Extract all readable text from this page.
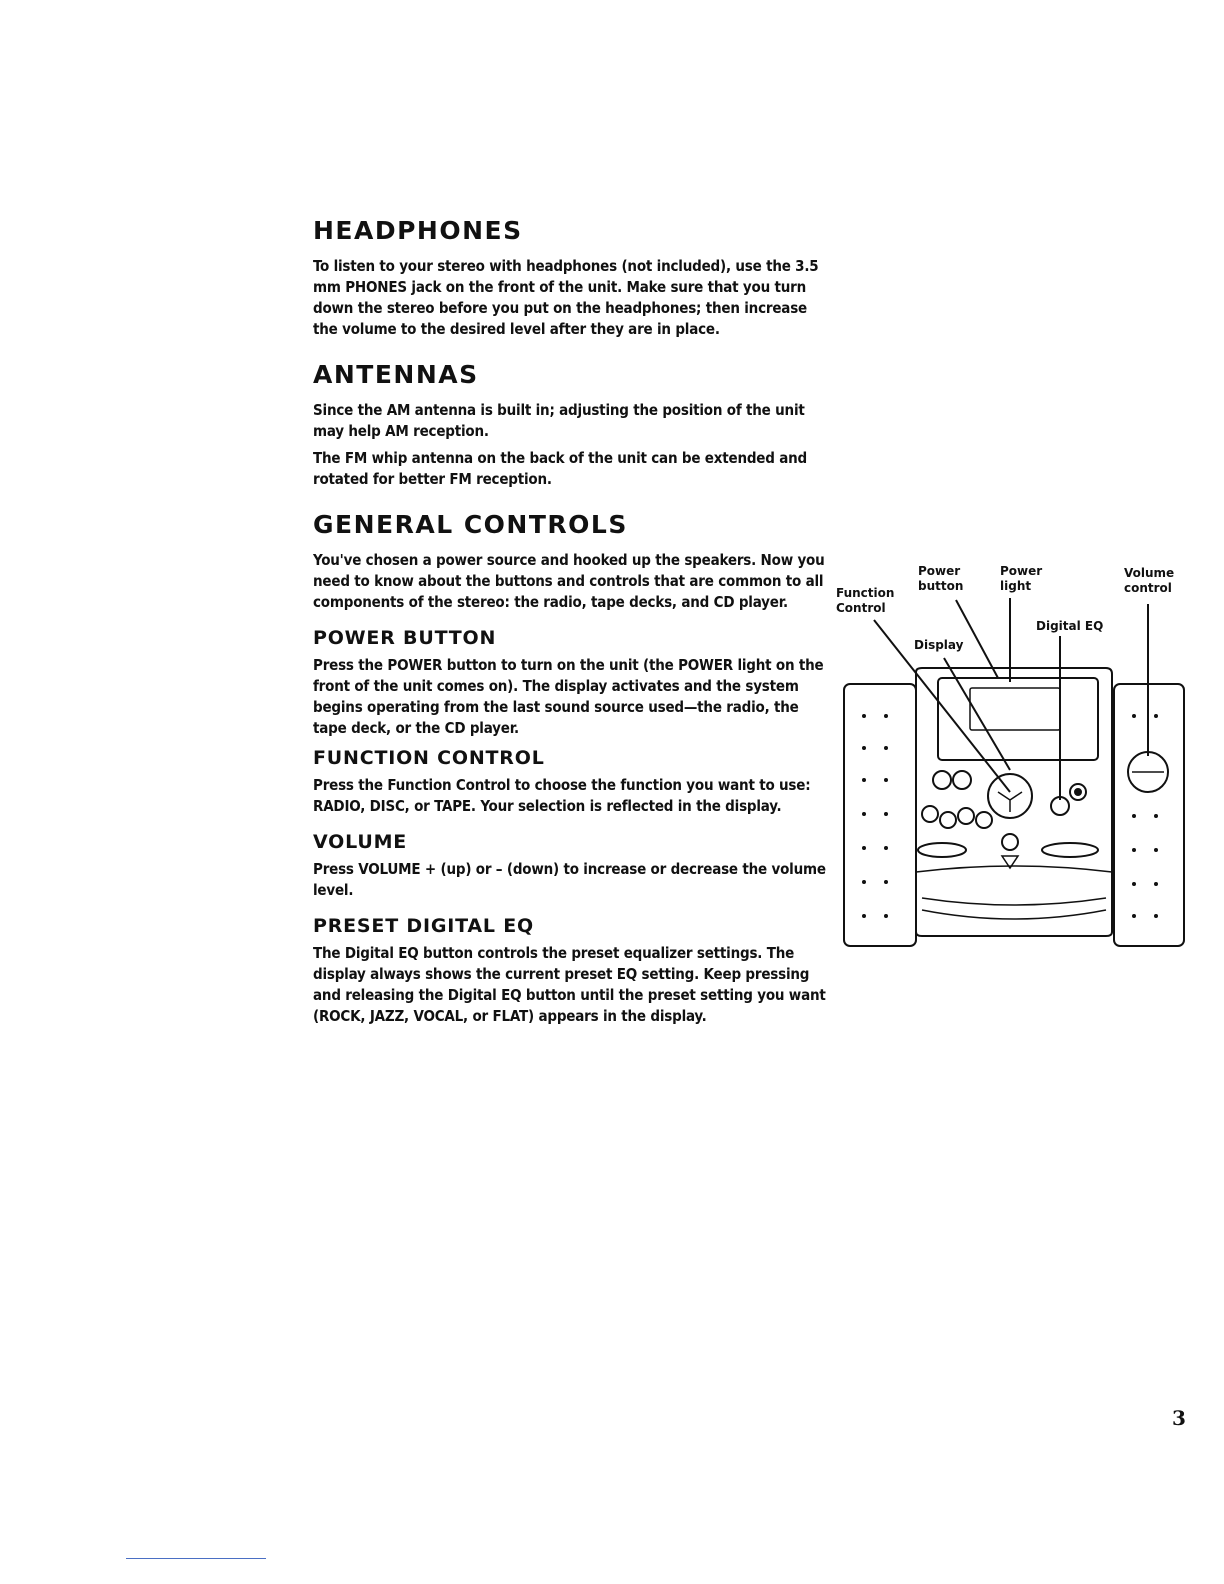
HEADPHONES

To listen to your stereo with headphones (not included), use the 3.5 mm PHONES jack on the front of the unit. Make sure that you turn down the stereo before you put on the headphones; then increase the volume to the desired level after they are in place.

ANTENNAS

Since the AM antenna is built in; adjusting the position of the unit may help AM reception.

The FM whip antenna on the back of the unit can be extended and rotated for better FM reception.

GENERAL CONTROLS

You've chosen a power source and hooked up the speakers. Now you need to know about the buttons and controls that are common to all components of the stereo: the radio, tape decks, and CD player.

POWER BUTTON

Press the POWER button to turn on the unit (the POWER light on the front of the unit comes on). The display activates and the system begins operating from the last sound source used—the radio, the tape deck, or the CD player.

FUNCTION CONTROL

Press the Function Control to choose the function you want to use: RADIO, DISC, or TAPE. Your selection is reflected in the display.

VOLUME

Press VOLUME + (up) or – (down) to increase or decrease the volume level.

PRESET DIGITAL EQ

The Digital EQ button controls the preset equalizer settings. The display always shows the current preset EQ setting. Keep pressing and releasing the Digital EQ button until the preset setting you want (ROCK, JAZZ, VOCAL, or FLAT) appears in the display.

Function
Control
Power
button
Power
light
Volume
control
Digital EQ
Display
3
